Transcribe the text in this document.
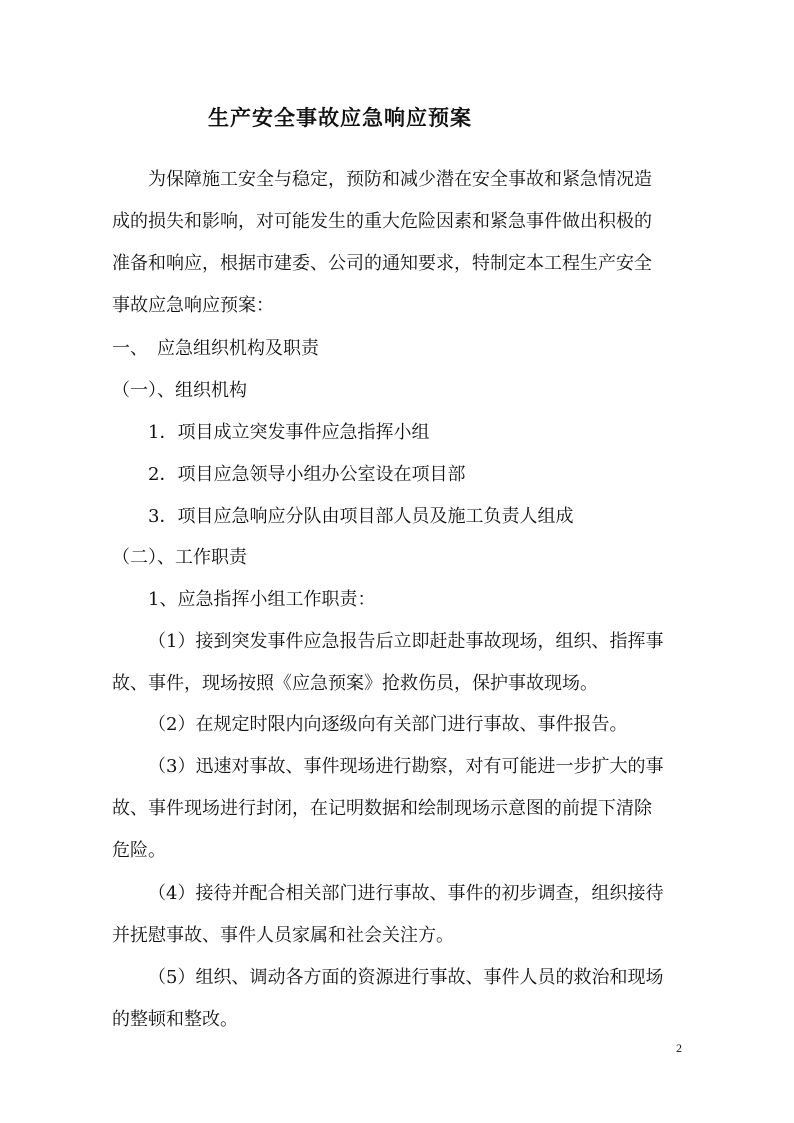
生产安全事故应急响应预案
为保障施工安全与稳定，预防和减少潜在安全事故和紧急情况造
成的损失和影响，对可能发生的重大危险因素和紧急事件做出积极的
准备和响应，根据市建委、公司的通知要求，特制定本工程生产安全
事故应急响应预案：
一、　应急组织机构及职责
（一）、组织机构
1．项目成立突发事件应急指挥小组
2．项目应急领导小组办公室设在项目部
3．项目应急响应分队由项目部人员及施工负责人组成
（二）、工作职责
1、应急指挥小组工作职责：
（1）接到突发事件应急报告后立即赶赴事故现场，组织、指挥事
故、事件，现场按照《应急预案》抢救伤员，保护事故现场。
（2）在规定时限内向逐级向有关部门进行事故、事件报告。
（3）迅速对事故、事件现场进行勘察，对有可能进一步扩大的事
故、事件现场进行封闭，在记明数据和绘制现场示意图的前提下清除
危险。
（4）接待并配合相关部门进行事故、事件的初步调查，组织接待
并抚慰事故、事件人员家属和社会关注方。
（5）组织、调动各方面的资源进行事故、事件人员的救治和现场
的整顿和整改。
2
